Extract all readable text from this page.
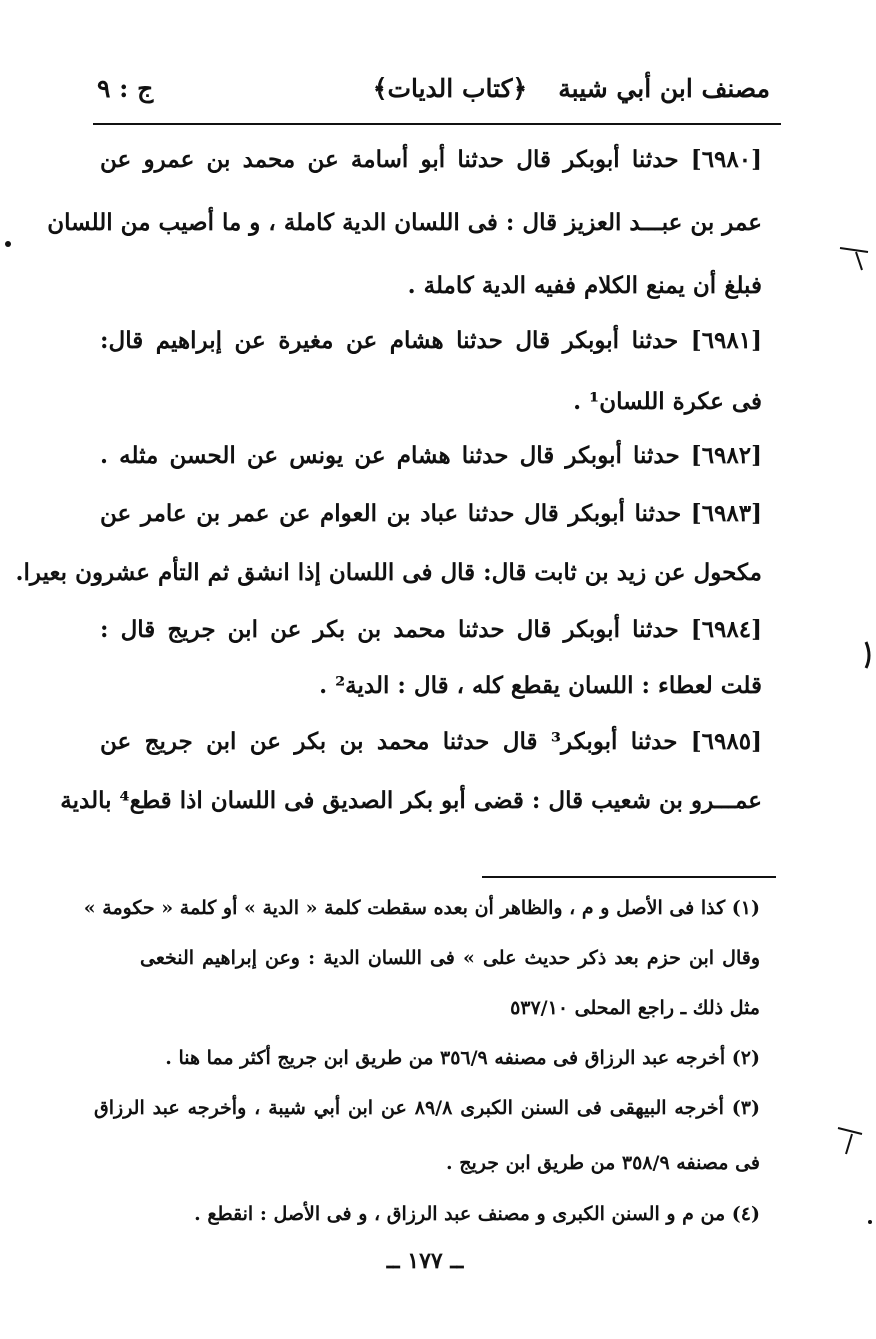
مصنف ابن أبي شيبة
﴿كتاب الديات﴾
ج : ٩
[٦٩٨٠] حدثنا أبوبكر قال حدثنا أبو أسامة عن محمد بن عمرو عن
عمر بن عبـــد العزيز قال : فى اللسان الدية كاملة ، و ما أصيب من اللسان
فبلغ أن يمنع الكلام ففيه الدية كاملة .
[٦٩٨١] حدثنا أبوبكر قال حدثنا هشام عن مغيرة عن إبراهيم قال:
فى عكرة اللسان¹ .
[٦٩٨٢] حدثنا أبوبكر قال حدثنا هشام عن يونس عن الحسن مثله .
[٦٩٨٣] حدثنا أبوبكر قال حدثنا عباد بن العوام عن عمر بن عامر عن
مكحول عن زيد بن ثابت قال: قال فى اللسان إذا انشق ثم التأم عشرون بعيرا.
[٦٩٨٤] حدثنا أبوبكر قال حدثنا محمد بن بكر عن ابن جريج قال :
قلت لعطاء : اللسان يقطع كله ، قال : الدية² .
[٦٩٨٥] حدثنا أبوبكر³ قال حدثنا محمد بن بكر عن ابن جريج عن
عمـــرو بن شعيب قال : قضى أبو بكر الصديق فى اللسان اذا قطع⁴ بالدية
(١) كذا فى الأصل و م ، والظاهر أن بعده سقطت كلمة « الدية » أو كلمة « حكومة »
وقال ابن حزم بعد ذكر حديث على » فى اللسان الدية : وعن إبراهيم النخعى
مثل ذلك ـ راجع المحلى ٥٣٧/١٠
(٢) أخرجه عبد الرزاق فى مصنفه ٣٥٦/٩ من طريق ابن جريج أكثر مما هنا .
(٣) أخرجه البيهقى فى السنن الكبرى ٨٩/٨ عن ابن أبي شيبة ، وأخرجه عبد الرزاق
فى مصنفه ٣٥٨/٩ من طريق ابن جريج .
(٤) من م و السنن الكبرى و مصنف عبد الرزاق ، و فى الأصل : انقطع .
ــ ١٧٧ ــ
